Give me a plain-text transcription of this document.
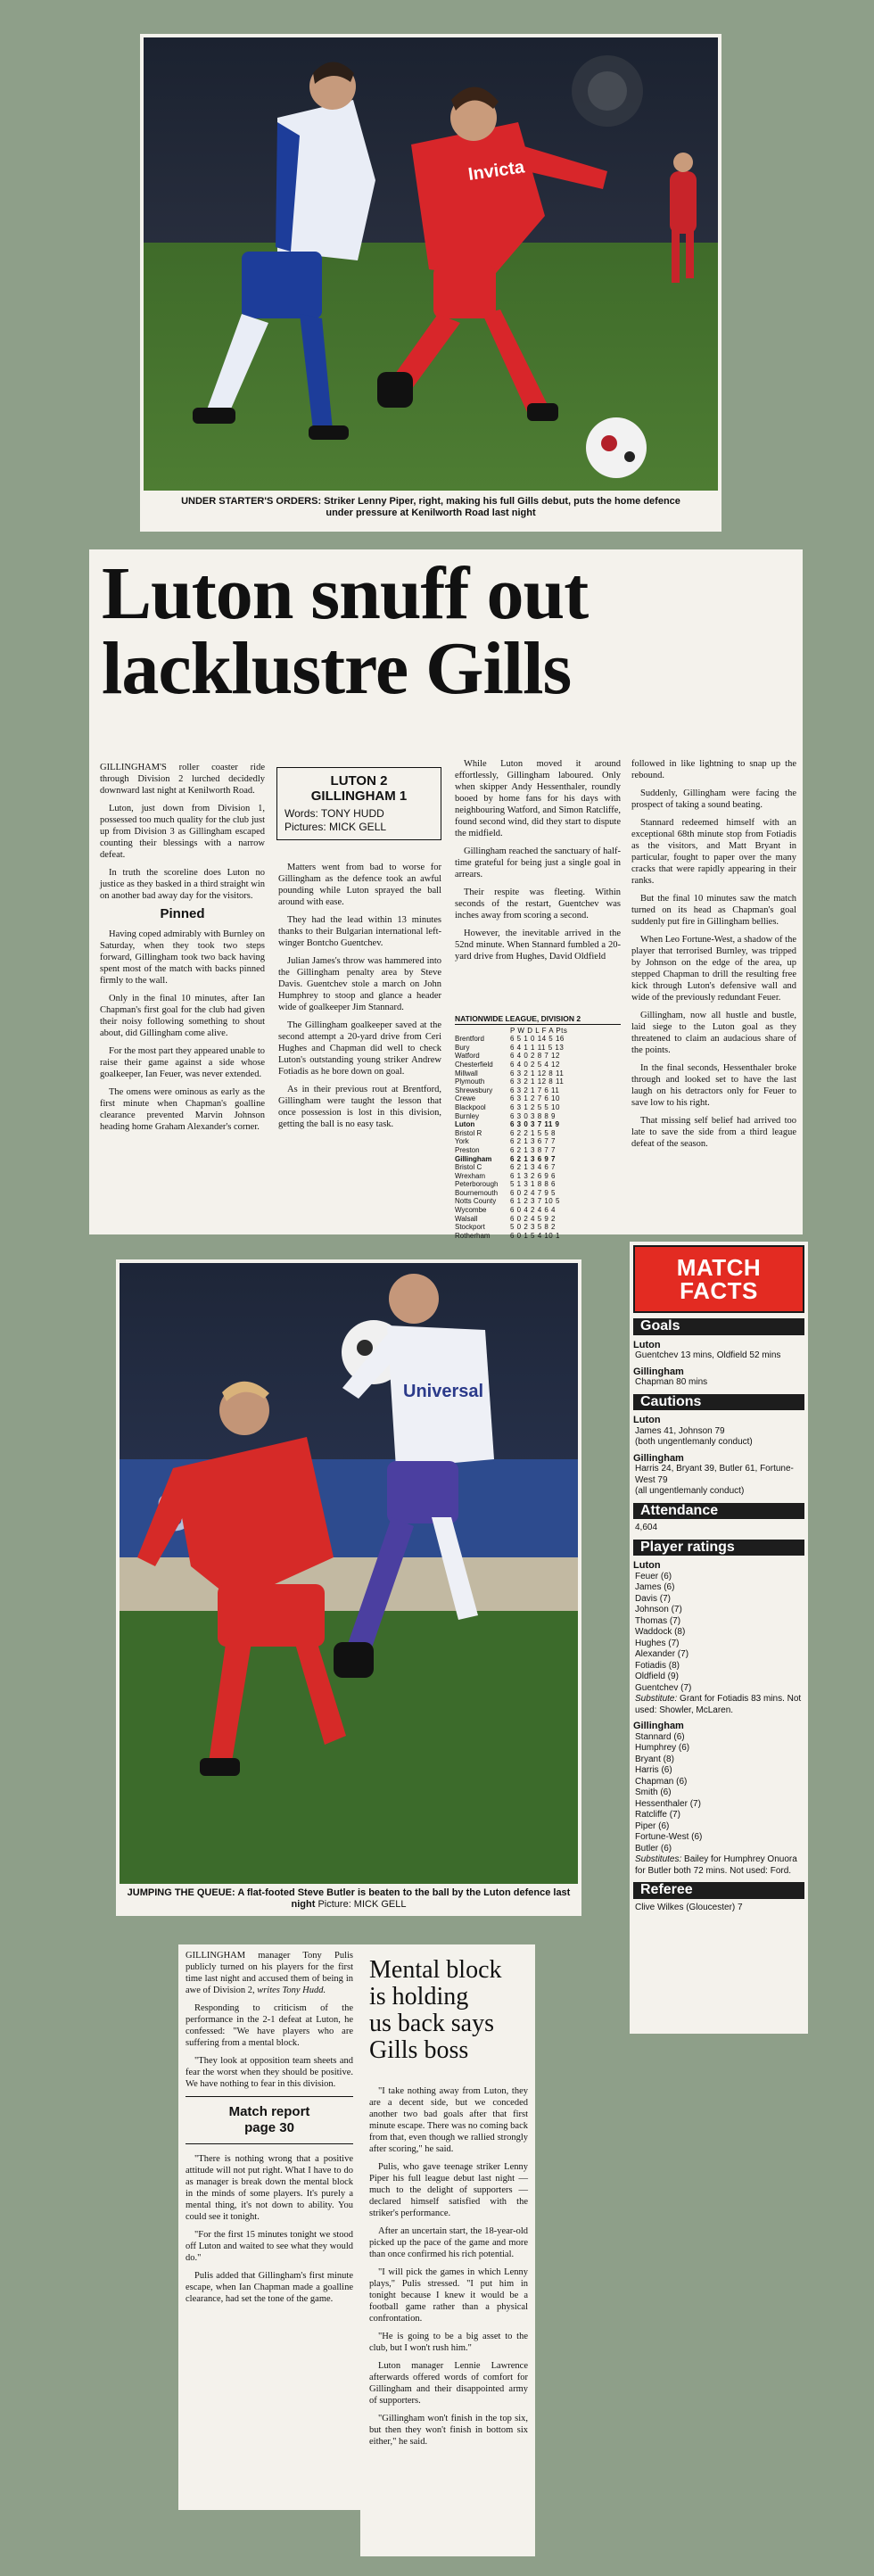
Invicta
UNDER STARTER'S ORDERS: Striker Lenny Piper, right, making his full Gills debut, puts the home defence under pressure at Kenilworth Road last night
Luton snuff out
lacklustre Gills

GILLINGHAM'S roller coaster ride through Division 2 lurched decidedly downward last night at Kenilworth Road.

Luton, just down from Division 1, possessed too much quality for the club just up from Division 3 as Gillingham escaped counting their blessings with a narrow defeat.

In truth the scoreline does Luton no justice as they basked in a third straight win on another bad away day for the visitors.

Pinned

Having coped admirably with Burnley on Saturday, when they took two steps forward, Gillingham took two back having spent most of the match with backs pinned firmly to the wall.

Only in the final 10 minutes, after Ian Chapman's first goal for the club had given their noisy following something to shout about, did Gillingham come alive.

For the most part they appeared unable to raise their game against a side whose goalkeeper, Ian Feuer, was never extended.

The omens were ominous as early as the first minute when Chapman's goalline clearance prevented Marvin Johnson heading home Graham Alexander's corner.

LUTON 2
GILLINGHAM 1
Words: TONY HUDD
Pictures: MICK GELL

Matters went from bad to worse for Gillingham as the defence took an awful pounding while Luton sprayed the ball around with ease.

They had the lead within 13 minutes thanks to their Bulgarian international left-winger Bontcho Guentchev.

Julian James's throw was hammered into the Gillingham penalty area by Steve Davis. Guentchev stole a march on John Humphrey to stoop and glance a header wide of goalkeeper Jim Stannard.

The Gillingham goalkeeper saved at the second attempt a 20-yard drive from Ceri Hughes and Chapman did well to check Luton's outstanding young striker Andrew Fotiadis as he bore down on goal.

As in their previous rout at Brentford, Gillingham were taught the lesson that once possession is lost in this division, getting the ball is no easy task.

While Luton moved it around effortlessly, Gillingham laboured. Only when skipper Andy Hessenthaler, roundly booed by home fans for his days with neighbouring Watford, and Simon Ratcliffe, found second wind, did they start to dispute the midfield.

Gillingham reached the sanctuary of half-time grateful for being just a single goal in arrears.

Their respite was fleeting. Within seconds of the restart, Guentchev was inches away from scoring a second.

However, the inevitable arrived in the 52nd minute. When Stannard fumbled a 20-yard drive from Hughes, David Oldfield

NATIONWIDE LEAGUE, DIVISION 2
P W D L F A Pts
Brentford	6 5 1 0 14 5 16
Bury	6 4 1 1 11 5 13
Watford	6 4 0 2 8 7 12
Chesterfield	6 4 0 2 5 4 12
Millwall	6 3 2 1 12 8 11
Plymouth	6 3 2 1 12 8 11
Shrewsbury	6 3 2 1 7 6 11
Crewe	6 3 1 2 7 6 10
Blackpool	6 3 1 2 5 5 10
Burnley	6 3 0 3 8 8 9
Luton	6 3 0 3 7 11 9
Bristol R	6 2 2 1 5 5 8
York	6 2 1 3 6 7 7
Preston	6 2 1 3 8 7 7
Gillingham	6 2 1 3 6 9 7
Bristol C	6 2 1 3 4 6 7
Wrexham	6 1 3 2 6 9 6
Peterborough	5 1 3 1 8 8 6
Bournemouth	6 0 2 4 7 9 5
Notts County	6 1 2 3 7 10 5
Wycombe	6 0 4 2 4 6 4
Walsall	6 0 2 4 5 9 2
Stockport	5 0 2 3 5 8 2
Rotherham	6 0 1 5 4 10 1

followed in like lightning to snap up the rebound.

Suddenly, Gillingham were facing the prospect of taking a sound beating.

Stannard redeemed himself with an exceptional 68th minute stop from Fotiadis as the visitors, and Matt Bryant in particular, fought to paper over the many cracks that were rapidly appearing in their ranks.

But the final 10 minutes saw the match turned on its head as Chapman's goal suddenly put fire in Gillingham bellies.

When Leo Fortune-West, a shadow of the player that terrorised Burnley, was tripped by Johnson on the edge of the area, up stepped Chapman to drill the resulting free kick through Luton's defensive wall and wide of the previously redundant Feuer.

Gillingham, now all hustle and bustle, laid siege to the Luton goal as they threatened to claim an audacious share of the points.

In the final seconds, Hessenthaler broke through and looked set to have the last laugh on his detractors only for Feuer to save low to his right.

That missing self belief had arrived too late to save the side from a third league defeat of the season.

Universal
JUMPING THE QUEUE: A flat-footed Steve Butler is beaten to the ball by the Luton defence last night Picture: MICK GELL
MATCH
FACTS
Goals
Luton
Guentchev 13 mins, Oldfield 52 mins
Gillingham
Chapman 80 mins
Cautions
Luton
James 41, Johnson 79
(both ungentlemanly conduct)
Gillingham
Harris 24, Bryant 39, Butler 61, Fortune-West 79
(all ungentlemanly conduct)
Attendance
4,604
Player ratings
Luton
Feuer (6)
James (6)
Davis (7)
Johnson (7)
Thomas (7)
Waddock (8)
Hughes (7)
Alexander (7)
Fotiadis (8)
Oldfield (9)
Guentchev (7)
Substitute: Grant for Fotiadis 83 mins. Not used: Showler, McLaren.
Gillingham
Stannard (6)
Humphrey (6)
Bryant (8)
Harris (6)
Chapman (6)
Smith (6)
Hessenthaler (7)
Ratcliffe (7)
Piper (6)
Fortune-West (6)
Butler (6)
Substitutes: Bailey for Humphrey Onuora for Butler both 72 mins. Not used: Ford.
Referee
Clive Wilkes (Gloucester) 7

GILLINGHAM manager Tony Pulis publicly turned on his players for the first time last night and accused them of being in awe of Division 2, writes Tony Hudd.

Responding to criticism of the performance in the 2-1 defeat at Luton, he confessed: "We have players who are suffering from a mental block.

"They look at opposition team sheets and fear the worst when they should be positive. We have nothing to fear in this division.

Match report
page 30

"There is nothing wrong that a positive attitude will not put right. What I have to do as manager is break down the mental block in the minds of some players. It's purely a mental thing, it's not down to ability. You could see it tonight.

"For the first 15 minutes tonight we stood off Luton and waited to see what they would do."

Pulis added that Gillingham's first minute escape, when Ian Chapman made a goalline clearance, had set the tone of the game.

Mental block
is holding
us back says
Gills boss

"I take nothing away from Luton, they are a decent side, but we conceded another two bad goals after that first minute escape. There was no coming back from that, even though we rallied strongly after scoring," he said.

Pulis, who gave teenage striker Lenny Piper his full league debut last night — much to the delight of supporters — declared himself satisfied with the striker's performance.

After an uncertain start, the 18-year-old picked up the pace of the game and more than once confirmed his rich potential.

"I will pick the games in which Lenny plays," Pulis stressed. "I put him in tonight because I knew it would be a football game rather than a physical confrontation.

"He is going to be a big asset to the club, but I won't rush him."

Luton manager Lennie Lawrence afterwards offered words of comfort for Gillingham and their disappointed army of supporters.

"Gillingham won't finish in the top six, but then they won't finish in bottom six either," he said.
